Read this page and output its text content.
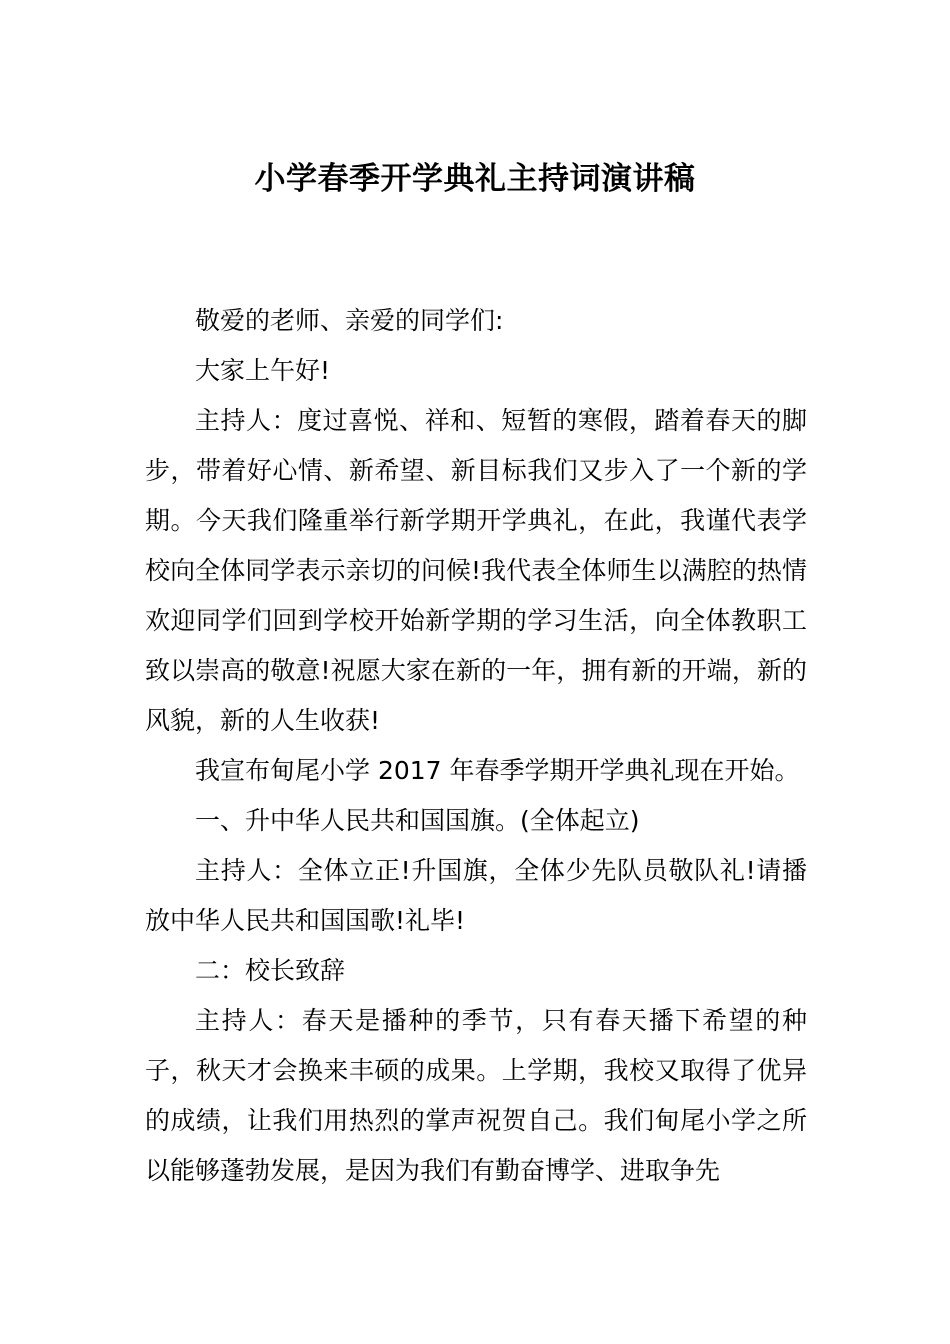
小学春季开学典礼主持词演讲稿

敬爱的老师、亲爱的同学们:

大家上午好!

主持人：度过喜悦、祥和、短暂的寒假，踏着春天的脚步，带着好心情、新希望、新目标我们又步入了一个新的学期。今天我们隆重举行新学期开学典礼，在此，我谨代表学校向全体同学表示亲切的问候!我代表全体师生以满腔的热情欢迎同学们回到学校开始新学期的学习生活，向全体教职工致以崇高的敬意!祝愿大家在新的一年，拥有新的开端，新的风貌，新的人生收获!

我宣布甸尾小学 2017 年春季学期开学典礼现在开始。

一、升中华人民共和国国旗。(全体起立)

主持人：全体立正!升国旗，全体少先队员敬队礼!请播放中华人民共和国国歌!礼毕!

二：校长致辞

主持人：春天是播种的季节，只有春天播下希望的种子，秋天才会换来丰硕的成果。上学期，我校又取得了优异的成绩，让我们用热烈的掌声祝贺自己。我们甸尾小学之所以能够蓬勃发展，是因为我们有勤奋博学、进取争先
